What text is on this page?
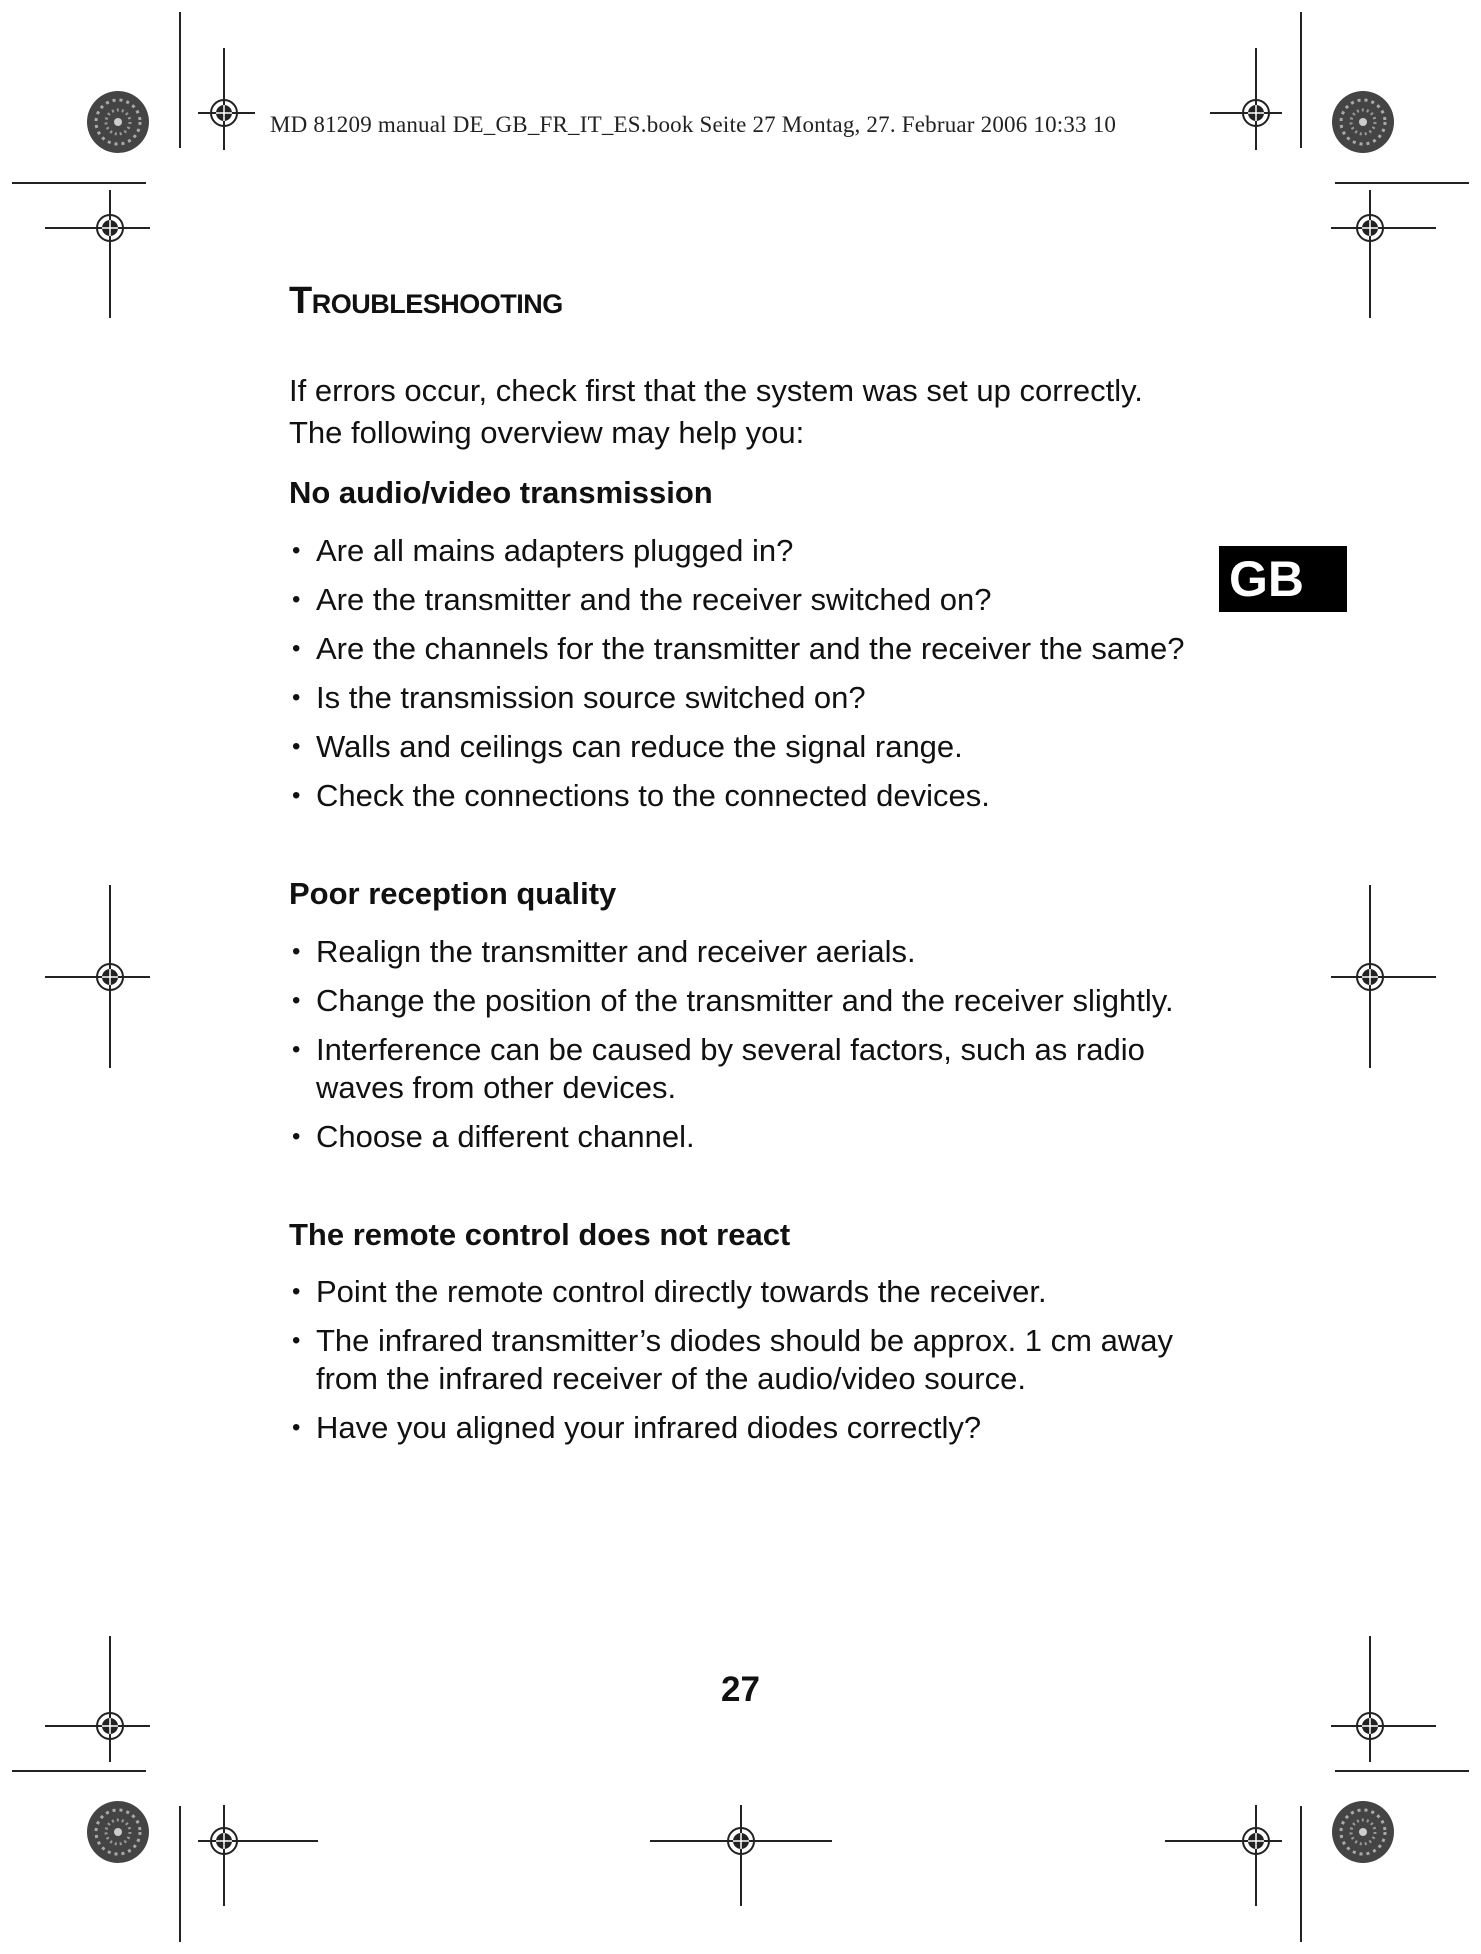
MD 81209 manual DE_GB_FR_IT_ES.book Seite 27 Montag, 27. Februar 2006 10:33 10
Troubleshooting

If errors occur, check first that the system was set up correctly. The following overview may help you:

GB
No audio/video transmission
• Are all mains adapters plugged in?
• Are the transmitter and the receiver switched on?
• Are the channels for the transmitter and the receiver the same?
• Is the transmission source switched on?
• Walls and ceilings can reduce the signal range.
• Check the connections to the connected devices.
Poor reception quality
• Realign the transmitter and receiver aerials.
• Change the position of the transmitter and the receiver slightly.
• Interference can be caused by several factors, such as radio waves from other devices.
• Choose a different channel.
The remote control does not react
• Point the remote control directly towards the receiver.
• The infrared transmitter’s diodes should be approx. 1 cm away from the infrared receiver of the audio/video source.
• Have you aligned your infrared diodes correctly?
27
